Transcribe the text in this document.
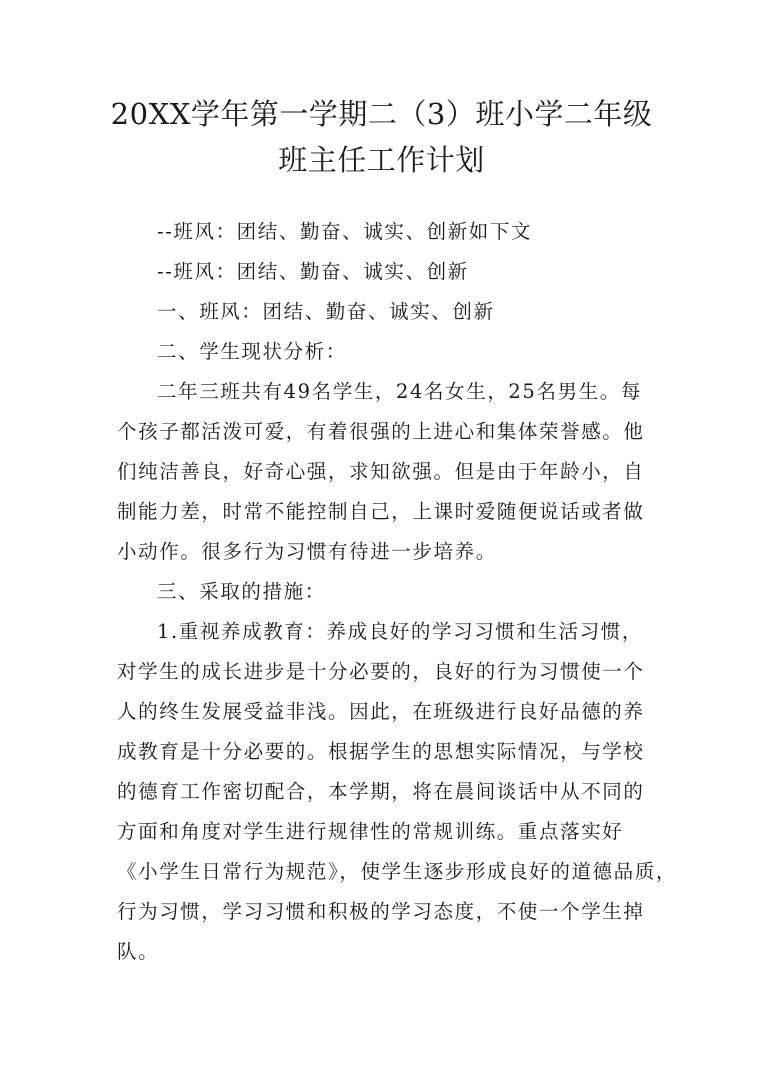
20XX学年第一学期二（3）班小学二年级
班主任工作计划
--班风：团结、勤奋、诚实、创新如下文
--班风：团结、勤奋、诚实、创新
一、班风：团结、勤奋、诚实、创新
二、学生现状分析：
二年三班共有49名学生，24名女生，25名男生。每
个孩子都活泼可爱，有着很强的上进心和集体荣誉感。他
们纯洁善良，好奇心强，求知欲强。但是由于年龄小，自
制能力差，时常不能控制自己，上课时爱随便说话或者做
小动作。很多行为习惯有待进一步培养。
三、采取的措施：
1.重视养成教育：养成良好的学习习惯和生活习惯，
对学生的成长进步是十分必要的，良好的行为习惯使一个
人的终生发展受益非浅。因此，在班级进行良好品德的养
成教育是十分必要的。根据学生的思想实际情况，与学校
的德育工作密切配合，本学期，将在晨间谈话中从不同的
方面和角度对学生进行规律性的常规训练。重点落实好
《小学生日常行为规范》，使学生逐步形成良好的道德品质，
行为习惯，学习习惯和积极的学习态度，不使一个学生掉
队。
